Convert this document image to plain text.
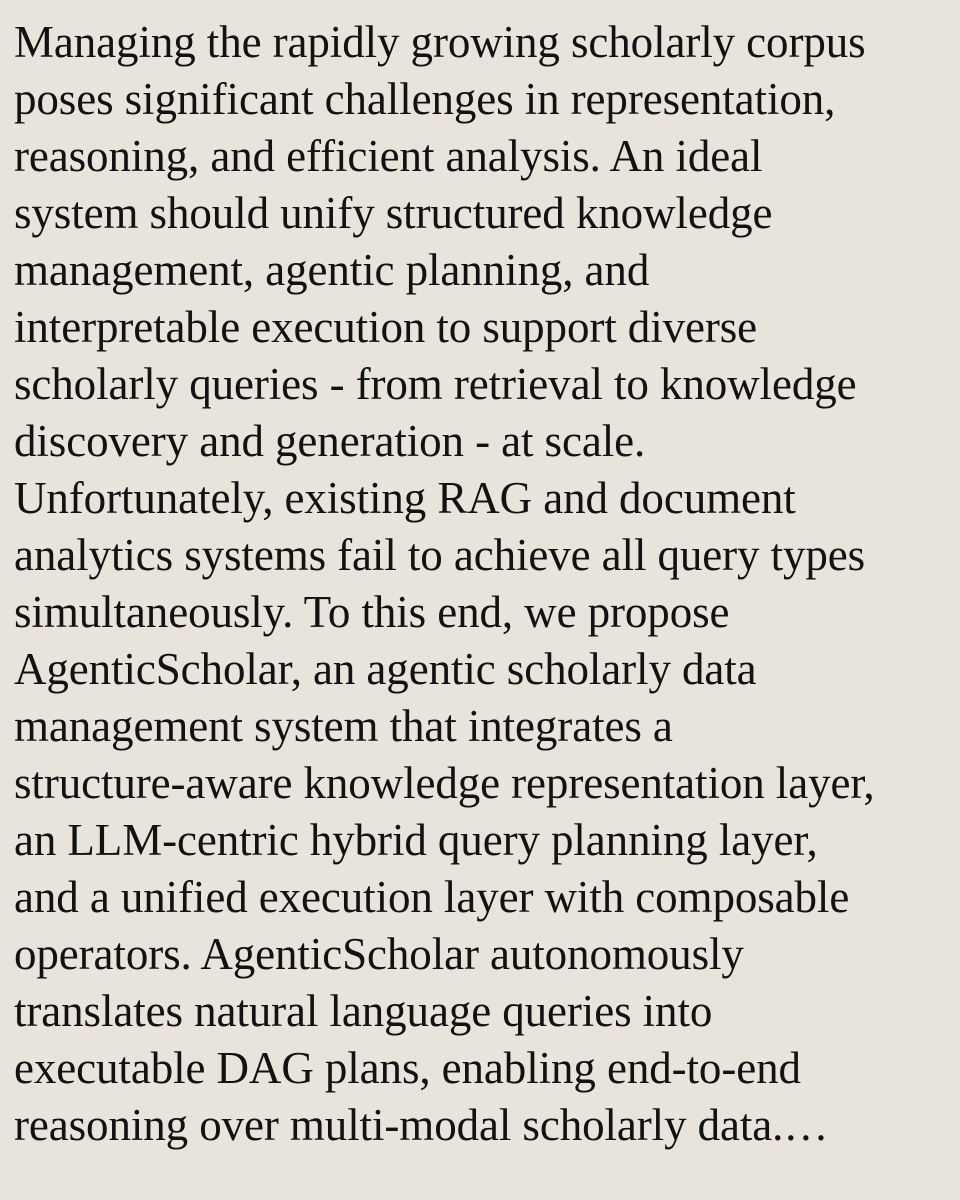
Managing the rapidly growing scholarly corpus
poses significant challenges in representation,
reasoning, and efficient analysis. An ideal
system should unify structured knowledge
management, agentic planning, and
interpretable execution to support diverse
scholarly queries - from retrieval to knowledge
discovery and generation - at scale.
Unfortunately, existing RAG and document
analytics systems fail to achieve all query types
simultaneously. To this end, we propose
AgenticScholar, an agentic scholarly data
management system that integrates a
structure-aware knowledge representation layer,
an LLM-centric hybrid query planning layer,
and a unified execution layer with composable
operators. AgenticScholar autonomously
translates natural language queries into
executable DAG plans, enabling end-to-end
reasoning over multi-modal scholarly data.…
